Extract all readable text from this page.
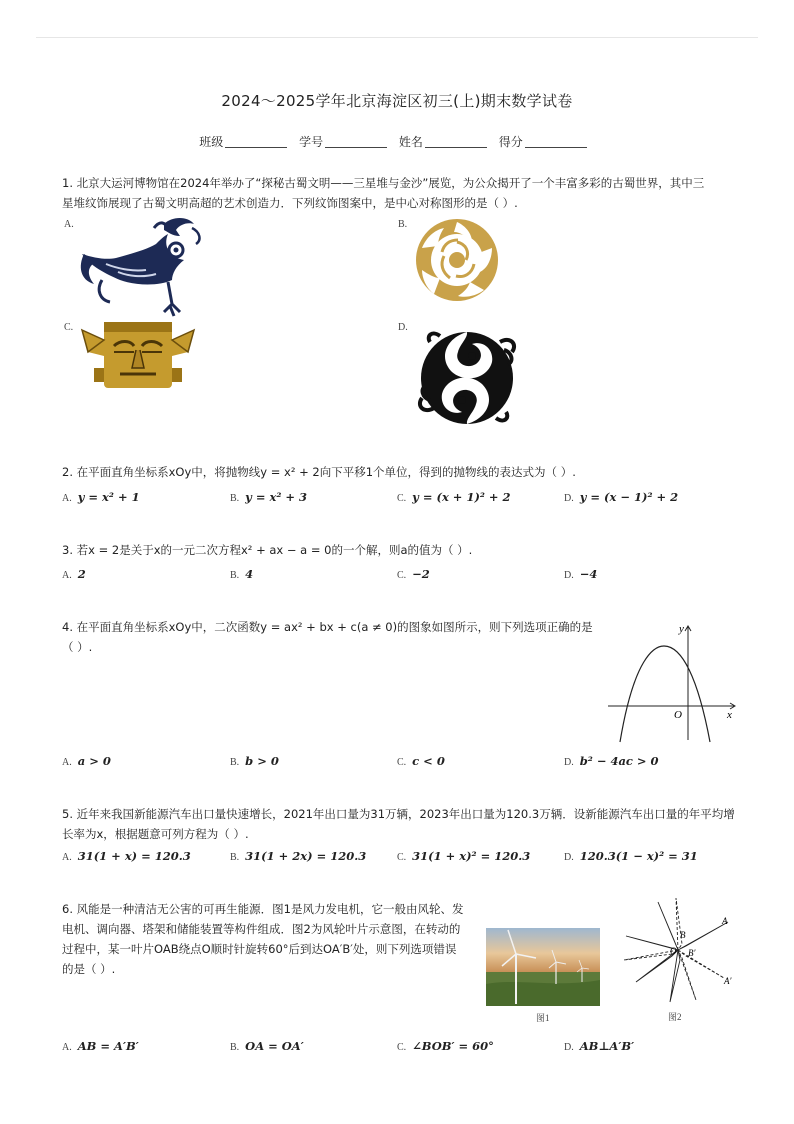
2024～2025学年北京海淀区初三(上)期末数学试卷
班级	学号	姓名	得分
1. 北京大运河博物馆在2024年举办了“探秘古蜀文明——三星堆与金沙”展览，为公众揭开了一个丰富多彩的古蜀世界，其中三
星堆纹饰展现了古蜀文明高超的艺术创造力．下列纹饰图案中，是中心对称图形的是（ ）.
A.	B.
C.	D.
2. 在平面直角坐标系xOy中，将抛物线y = x² + 2向下平移1个单位，得到的抛物线的表达式为（ ）.
A. y = x² + 1	B. y = x² + 3	C. y = (x + 1)² + 2	D. y = (x − 1)² + 2
3. 若x = 2是关于x的一元二次方程x² + ax − a = 0的一个解，则a的值为（ ）.
A. 2	B. 4	C. −2	D. −4
4. 在平面直角坐标系xOy中，二次函数y = ax² + bx + c(a ≠ 0)的图象如图所示，则下列选项正确的是
（ ）.
x
y
O
A. a > 0	B. b > 0	C. c < 0	D. b² − 4ac > 0
5. 近年来我国新能源汽车出口量快速增长，2021年出口量为31万辆，2023年出口量为120.3万辆．设新能源汽车出口量的年平均增
长率为x，根据题意可列方程为（ ）.
A. 31(1 + x) = 120.3	B. 31(1 + 2x) = 120.3	C. 31(1 + x)² = 120.3	D. 120.3(1 − x)² = 31
6. 风能是一种清洁无公害的可再生能源．图1是风力发电机，它一般由风轮、发
电机、调向器、塔架和储能装置等构件组成．图2为风轮叶片示意图，在转动的
过程中，某一叶片OAB绕点O顺时针旋转60°后到达OA′B′处，则下列选项错误
的是（ ）.
图1
A
B
O B′
A′
图2
A. AB = A′B′	B. OA = OA′	C. ∠BOB′ = 60°	D. AB⊥A′B′
